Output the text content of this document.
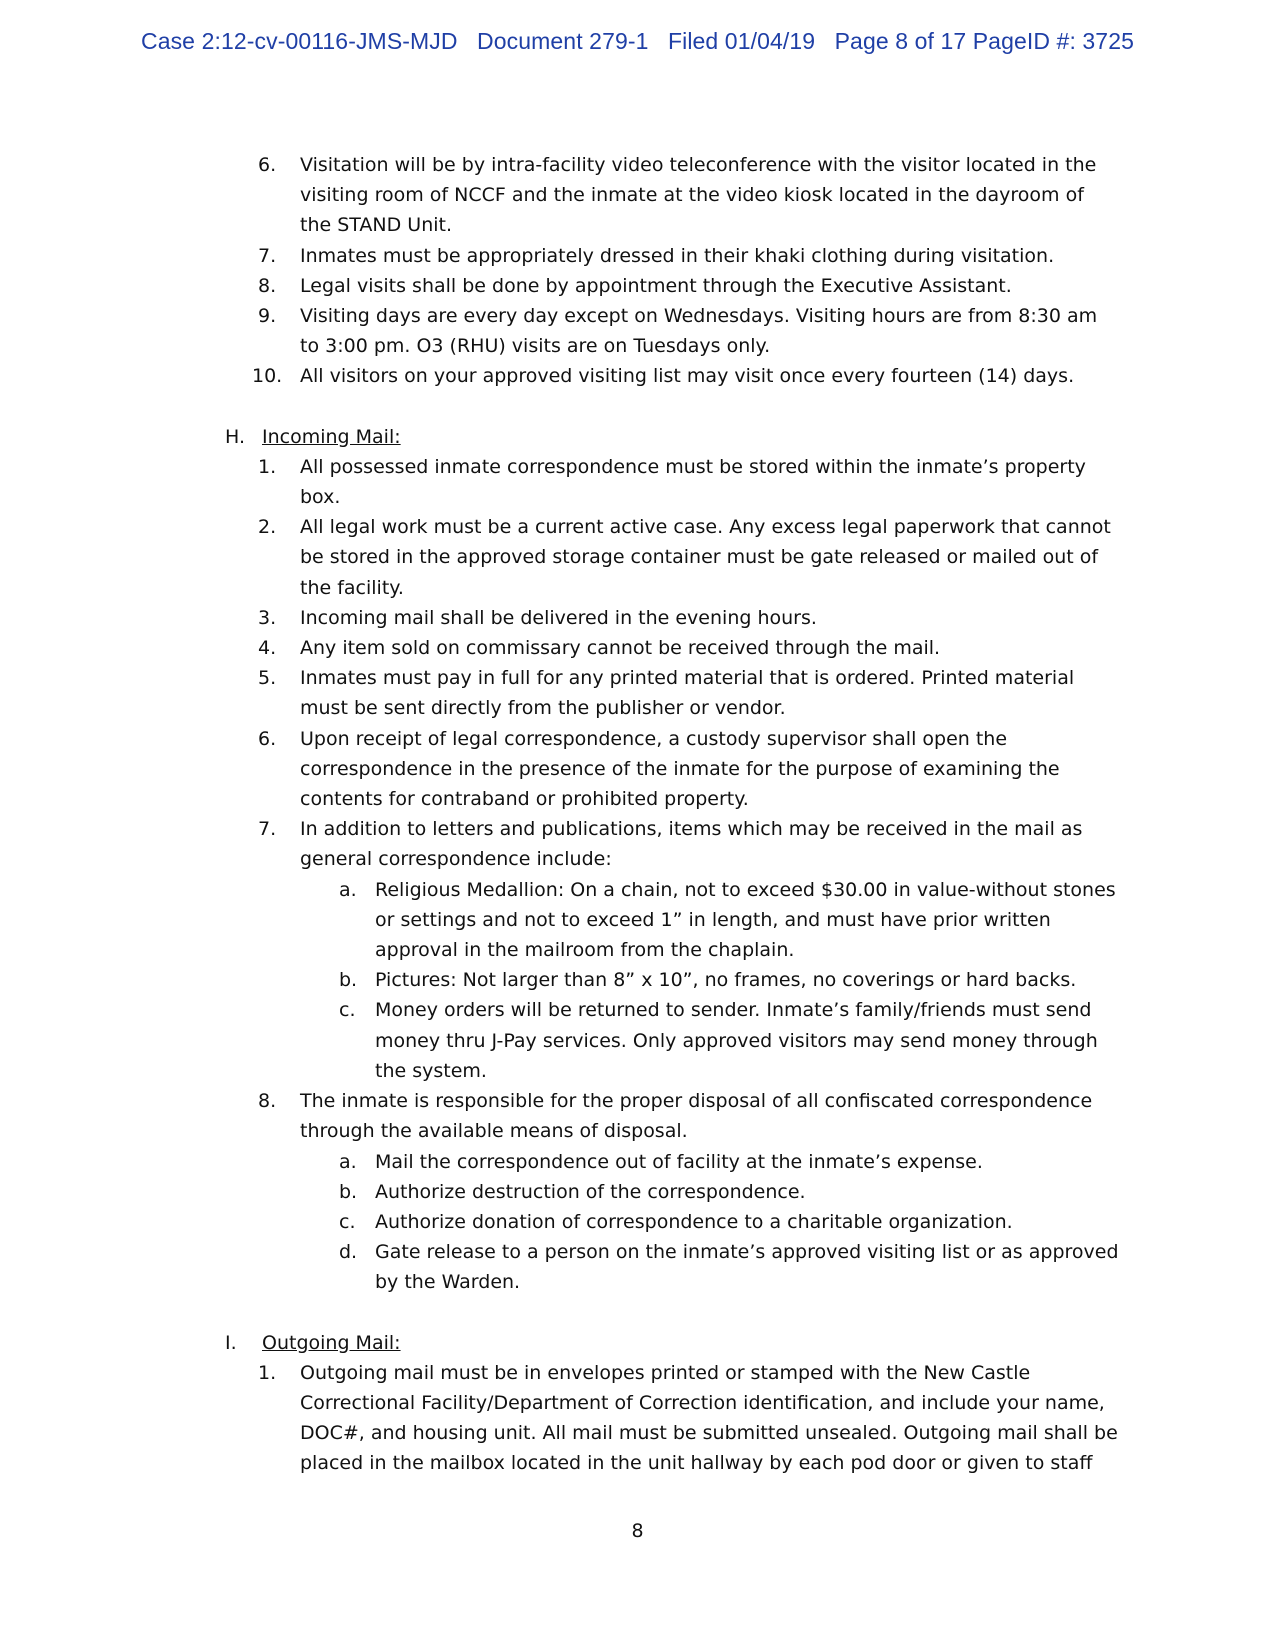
Case 2:12-cv-00116-JMS-MJD   Document 279-1   Filed 01/04/19   Page 8 of 17 PageID #: 3725
6. Visitation will be by intra-facility video teleconference with the visitor located in the visiting room of NCCF and the inmate at the video kiosk located in the dayroom of the STAND Unit.
7. Inmates must be appropriately dressed in their khaki clothing during visitation.
8. Legal visits shall be done by appointment through the Executive Assistant.
9. Visiting days are every day except on Wednesdays. Visiting hours are from 8:30 am to 3:00 pm. O3 (RHU) visits are on Tuesdays only.
10. All visitors on your approved visiting list may visit once every fourteen (14) days.
H. Incoming Mail:
1. All possessed inmate correspondence must be stored within the inmate’s property box.
2. All legal work must be a current active case. Any excess legal paperwork that cannot be stored in the approved storage container must be gate released or mailed out of the facility.
3. Incoming mail shall be delivered in the evening hours.
4. Any item sold on commissary cannot be received through the mail.
5. Inmates must pay in full for any printed material that is ordered. Printed material must be sent directly from the publisher or vendor.
6. Upon receipt of legal correspondence, a custody supervisor shall open the correspondence in the presence of the inmate for the purpose of examining the contents for contraband or prohibited property.
7. In addition to letters and publications, items which may be received in the mail as general correspondence include:
a. Religious Medallion: On a chain, not to exceed $30.00 in value-without stones or settings and not to exceed 1” in length, and must have prior written approval in the mailroom from the chaplain.
b. Pictures: Not larger than 8” x 10”, no frames, no coverings or hard backs.
c. Money orders will be returned to sender. Inmate’s family/friends must send money thru J-Pay services. Only approved visitors may send money through the system.
8. The inmate is responsible for the proper disposal of all confiscated correspondence through the available means of disposal.
a. Mail the correspondence out of facility at the inmate’s expense.
b. Authorize destruction of the correspondence.
c. Authorize donation of correspondence to a charitable organization.
d. Gate release to a person on the inmate’s approved visiting list or as approved by the Warden.
I. Outgoing Mail:
1. Outgoing mail must be in envelopes printed or stamped with the New Castle Correctional Facility/Department of Correction identification, and include your name, DOC#, and housing unit. All mail must be submitted unsealed. Outgoing mail shall be placed in the mailbox located in the unit hallway by each pod door or given to staff
8
